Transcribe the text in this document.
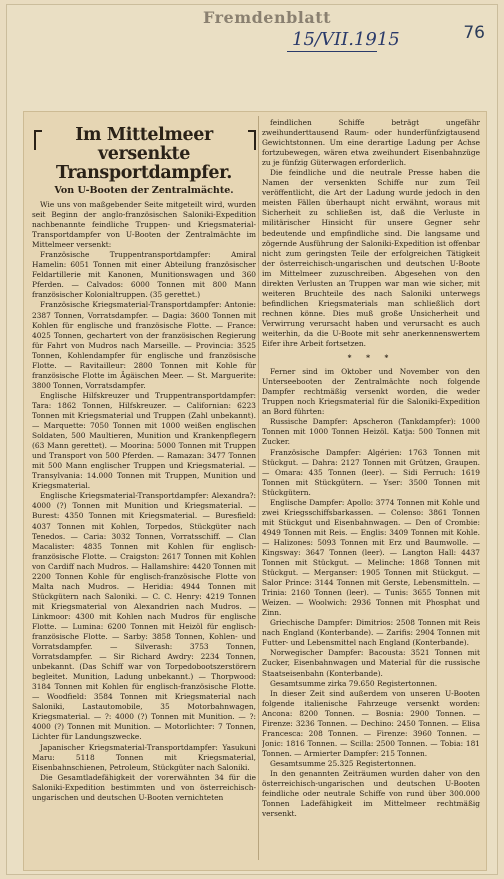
Fremdenblatt
15/VII.1915	76
Im Mittelmeer versenkte
Transportdampfer.
Von U-Booten der Zentralmächte.

Wie uns von maßgebender Seite mitgeteilt wird, wurden seit Beginn der anglo-französischen Saloniki-Expedition nachbenannte feindliche Truppen- und Kriegsmaterial-Transportdampfer von U-Booten der Zentralmächte im Mittelmeer versenkt:

Französische Truppentransportdampfer: Amiral Hamelin: 6051 Tonnen mit einer Abteilung französischer Feldartillerie mit Kanonen, Munitionswagen und 360 Pferden. — Calvados: 6000 Tonnen mit 800 Mann französischer Kolonialtruppen. (35 gerettet.)

Französische Kriegsmaterial-Transportdampfer: Antonie: 2387 Tonnen, Vorratsdampfer. — Dagia: 3600 Tonnen mit Kohlen für englische und französische Flotte. — France: 4025 Tonnen, gechartert von der französischen Regierung für Fahrt von Mudros nach Marseille. — Provincia: 3525 Tonnen, Kohlendampfer für englische und französische Flotte. — Ravitailleur: 2800 Tonnen mit Kohle für französische Flotte im Ägäischen Meer. — St. Marguerite: 3800 Tonnen, Vorratsdampfer.

Englische Hilfskreuzer und Truppentransportdampfer: Tara: 1862 Tonnen, Hilfskreuzer. — Californian: 6223 Tonnen mit Kriegsmaterial und Truppen (Zahl unbekannt). — Marquette: 7050 Tonnen mit 1000 weißen englischen Soldaten, 500 Maultieren, Munition und Krankenpflegern (63 Mann gerettet). — Moorina: 5000 Tonnen mit Truppen und Transport von 500 Pferden. — Ramazan: 3477 Tonnen mit 500 Mann englischer Truppen und Kriegsmaterial. — Transylvania: 14.000 Tonnen mit Truppen, Munition und Kriegsmaterial.

Englische Kriegsmaterial-Transportdampfer: Alexandra?: 4000 (?) Tonnen mit Munition und Kriegsmaterial. — Burest: 4350 Tonnen mit Kriegsmaterial. — Buresfield: 4037 Tonnen mit Kohlen, Torpedos, Stückgüter nach Tenedos. — Caria: 3032 Tonnen, Vorratsschiff. — Clan Macalister: 4835 Tonnen mit Kohlen für englisch-französische Flotte. — Craigston: 2617 Tonnen mit Kohlen von Cardiff nach Mudros. — Hallamshire: 4420 Tonnen mit 2200 Tonnen Kohle für englisch-französische Flotte von Malta nach Mudros. — Heridia: 4944 Tonnen mit Stückgütern nach Saloniki. — C. C. Henry: 4219 Tonnen mit Kriegsmaterial von Alexandrien nach Mudros. — Linkmoor: 4300 mit Kohlen nach Mudros für englische Flotte. — Lumina: 6200 Tonnen mit Heizöl für englisch-französische Flotte. — Sarby: 3858 Tonnen, Kohlen- und Vorratsdampfer. — Silverash: 3753 Tonnen, Vorratsdampfer. — Sir Richard Awdry: 2234 Tonnen, unbekannt. (Das Schiff war von Torpedobootszerstörern begleitet. Munition, Ladung unbekannt.) — Thorpwood: 3184 Tonnen mit Kohlen für englisch-französische Flotte. — Woodfield: 3584 Tonnen mit Kriegsmaterial nach Saloniki, Lastautomobile, 35 Motorbahnwagen, Kriegsmaterial. — ?: 4000 (?) Tonnen mit Munition. — ?: 4000 (?) Tonnen mit Munition. — Motorlichter: 7 Tonnen, Lichter für Landungszwecke.

Japanischer Kriegsmaterial-Transportdampfer: Yasukuni Maru: 5118 Tonnen mit Kriegsmaterial, Eisenbahnschienen, Petroleum, Stückgüter nach Saloniki.

Die Gesamtladefähigkeit der vorerwähnten 34 für die Saloniki-Expedition bestimmten und von österreichisch-ungarischen und deutschen U-Booten vernichteten

feindlichen Schiffe beträgt ungefähr zweihunderttausend Raum- oder hunderfünfzigtausend Gewichtstonnen. Um eine derartige Ladung per Achse fortzubewegen, wären etwa zweihundert Eisenbahnzüge zu je fünfzig Güterwagen erforderlich.

Die feindliche und die neutrale Presse haben die Namen der versenkten Schiffe nur zum Teil veröffentlicht, die Art der Ladung wurde jedoch in den meisten Fällen überhaupt nicht erwähnt, woraus mit Sicherheit zu schließen ist, daß die Verluste in militärischer Hinsicht für unsere Gegner sehr bedeutende und empfindliche sind. Die langsame und zögernde Ausführung der Saloniki-Expedition ist offenbar nicht zum geringsten Teile der erfolgreichen Tätigkeit der österreichisch-ungarischen und deutschen U-Boote im Mittelmeer zuzuschreiben. Abgesehen von den direkten Verlusten an Truppen war man wie sicher, mit weiteren Bruchteile des nach Saloniki unterwegs befindlichen Kriegsmaterials man schließlich dort rechnen könne. Dies muß große Unsicherheit und Verwirrung verursacht haben und verursacht es auch weiterhin, da die U-Boote mit sehr anerkennenswertem Eifer ihre Arbeit fortsetzen.

* * *

Ferner sind im Oktober und November von den Unterseebooten der Zentralmächte noch folgende Dampfer rechtmäßig versenkt worden, die weder Truppen noch Kriegsmaterial für die Saloniki-Expedition an Bord führten:

Russische Dampfer: Apscheron (Tankdampfer): 1000 Tonnen mit 1000 Tonnen Heizöl. Katja: 500 Tonnen mit Zucker.

Französische Dampfer: Algérien: 1763 Tonnen mit Stückgut. — Dahra: 2127 Tonnen mit Grützen, Graupen. — Omara: 435 Tonnen (leer). — Sidi Ferruch: 1619 Tonnen mit Stückgütern. — Yser: 3500 Tonnen mit Stückgütern.

Englische Dampfer: Apollo: 3774 Tonnen mit Kohle und zwei Kriegsschiffsbarkassen. — Colenso: 3861 Tonnen mit Stückgut und Eisenbahnwagen. — Den of Crombie: 4949 Tonnen mit Reis. — Englis: 3409 Tonnen mit Kohle. — Halizones: 5093 Tonnen mit Erz und Baumwolle. — Kingsway: 3647 Tonnen (leer). — Langton Hall: 4437 Tonnen mit Stückgut. — Melinche: 1868 Tonnen mit Stückgut. — Merganser: 1905 Tonnen mit Stückgut. — Salor Prince: 3144 Tonnen mit Gerste, Lebensmitteln. — Trinia: 2160 Tonnen (leer). — Tunis: 3655 Tonnen mit Weizen. — Woolwich: 2936 Tonnen mit Phosphat und Zinn.

Griechische Dampfer: Dimitrios: 2508 Tonnen mit Reis nach England (Konterbande). — Zarifis: 2904 Tonnen mit Futter- und Lebensmittel nach England (Konterbande).

Norwegischer Dampfer: Bacousta: 3521 Tonnen mit Zucker, Eisenbahnwagen und Material für die russische Staatseisenbahn (Konterbande).

Gesamtsumme zirka 79.650 Registertonnen.

In dieser Zeit sind außerdem von unseren U-Booten folgende italienische Fahrzeuge versenkt worden: Ancona: 8200 Tonnen. — Bosnia: 2900 Tonnen. — Firenze: 3236 Tonnen. — Dechino: 2450 Tonnen. — Elisa Francesca: 208 Tonnen. — Firenze: 3960 Tonnen. — Jonic: 1816 Tonnen. — Scilla: 2500 Tonnen. — Tobia: 181 Tonnen. — Armierter Dampfer: 215 Tonnen.

Gesamtsumme 25.325 Registertonnen.

In den genannten Zeiträumen wurden daher von den österreichisch-ungarischen und deutschen U-Booten feindliche oder neutrale Schiffe von rund über 300.000 Tonnen Ladefähigkeit im Mittelmeer rechtmäßig versenkt.
